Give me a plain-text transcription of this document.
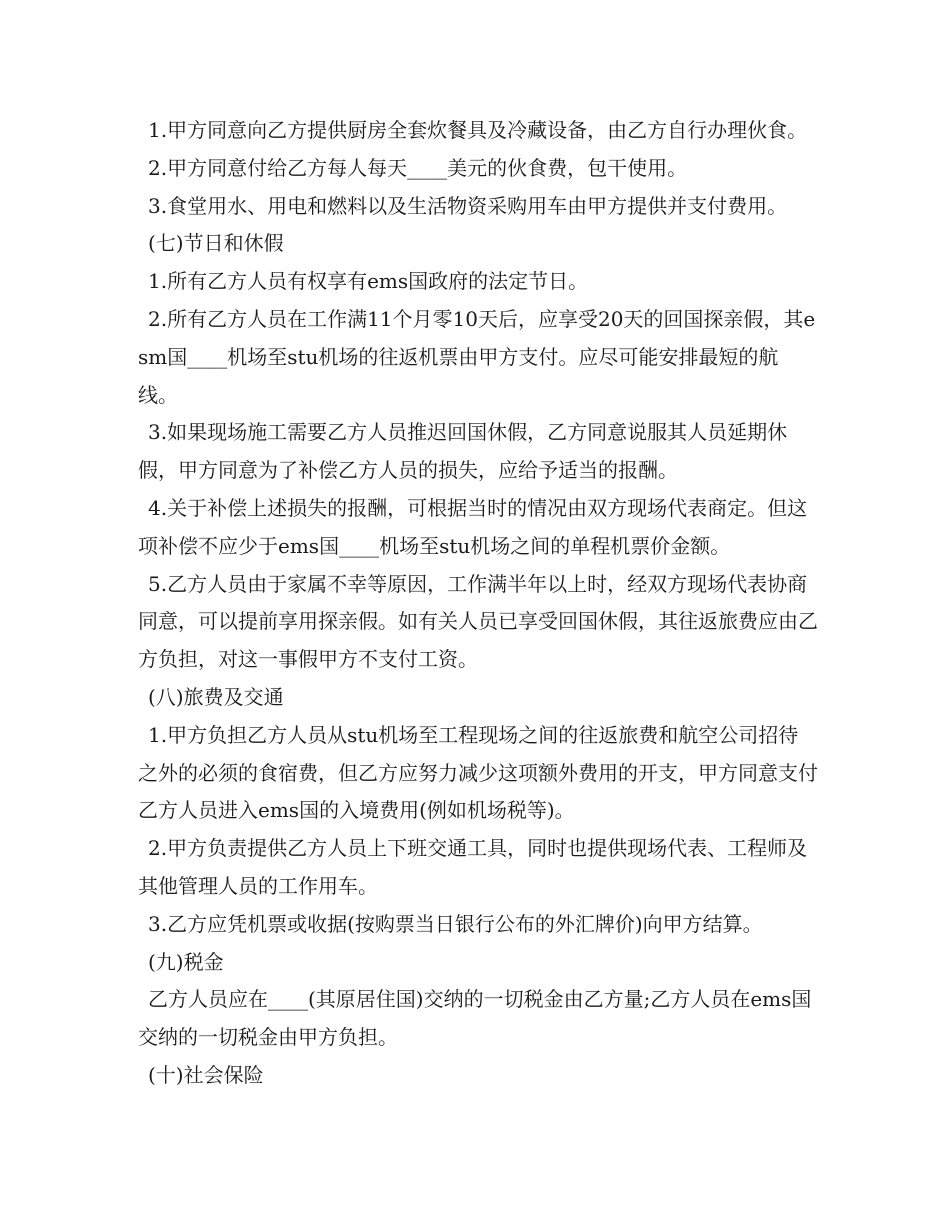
1.甲方同意向乙方提供厨房全套炊餐具及冷藏设备，由乙方自行办理伙食。

2.甲方同意付给乙方每人每天____美元的伙食费，包干使用。

3.食堂用水、用电和燃料以及生活物资采购用车由甲方提供并支付费用。

(七)节日和休假

1.所有乙方人员有权享有ems国政府的法定节日。

2.所有乙方人员在工作满11个月零10天后，应享受20天的回国探亲假，其esm国____机场至stu机场的往返机票由甲方支付。应尽可能安排最短的航线。

3.如果现场施工需要乙方人员推迟回国休假，乙方同意说服其人员延期休假，甲方同意为了补偿乙方人员的损失，应给予适当的报酬。

4.关于补偿上述损失的报酬，可根据当时的情况由双方现场代表商定。但这项补偿不应少于ems国____机场至stu机场之间的单程机票价金额。

5.乙方人员由于家属不幸等原因，工作满半年以上时，经双方现场代表协商同意，可以提前享用探亲假。如有关人员已享受回国休假，其往返旅费应由乙方负担，对这一事假甲方不支付工资。

(八)旅费及交通

1.甲方负担乙方人员从stu机场至工程现场之间的往返旅费和航空公司招待之外的必须的食宿费，但乙方应努力减少这项额外费用的开支，甲方同意支付乙方人员进入ems国的入境费用(例如机场税等)。

2.甲方负责提供乙方人员上下班交通工具，同时也提供现场代表、工程师及其他管理人员的工作用车。

3.乙方应凭机票或收据(按购票当日银行公布的外汇牌价)向甲方结算。

(九)税金

乙方人员应在____(其原居住国)交纳的一切税金由乙方量;乙方人员在ems国交纳的一切税金由甲方负担。

(十)社会保险
